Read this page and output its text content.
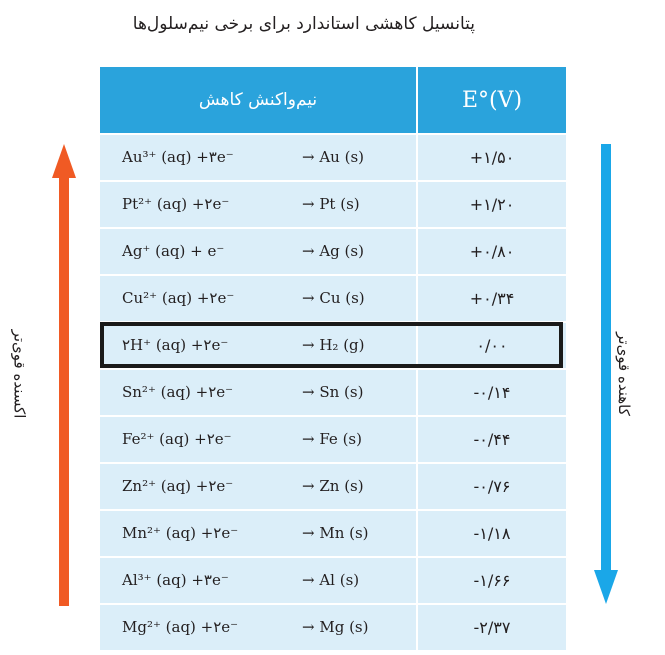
پتانسیل کاهشی استاندارد برای برخی نیم‌سلول‌ها
نیم‌واکنش کاهش	E°(V)

Au³⁺ (aq) +۳e⁻ → Au (s)	+۱/۵۰

Pt²⁺ (aq) +۲e⁻ → Pt (s)	+۱/۲۰

Ag⁺ (aq) + e⁻ → Ag (s)	+۰/۸۰

Cu²⁺ (aq) +۲e⁻ → Cu (s)	+۰/۳۴

۲H⁺ (aq) +۲e⁻ → H₂ (g)	۰/۰۰

Sn²⁺ (aq) +۲e⁻ → Sn (s)	-۰/۱۴

Fe²⁺ (aq) +۲e⁻ → Fe (s)	-۰/۴۴

Zn²⁺ (aq) +۲e⁻ → Zn (s)	-۰/۷۶

Mn²⁺ (aq) +۲e⁻ → Mn (s)	-۱/۱۸

Al³⁺ (aq) +۳e⁻ → Al (s)	-۱/۶۶

Mg²⁺ (aq) +۲e⁻ → Mg (s)	-۲/۳۷
اکسنده قوی‌تر	کاهنده قوی‌تر
